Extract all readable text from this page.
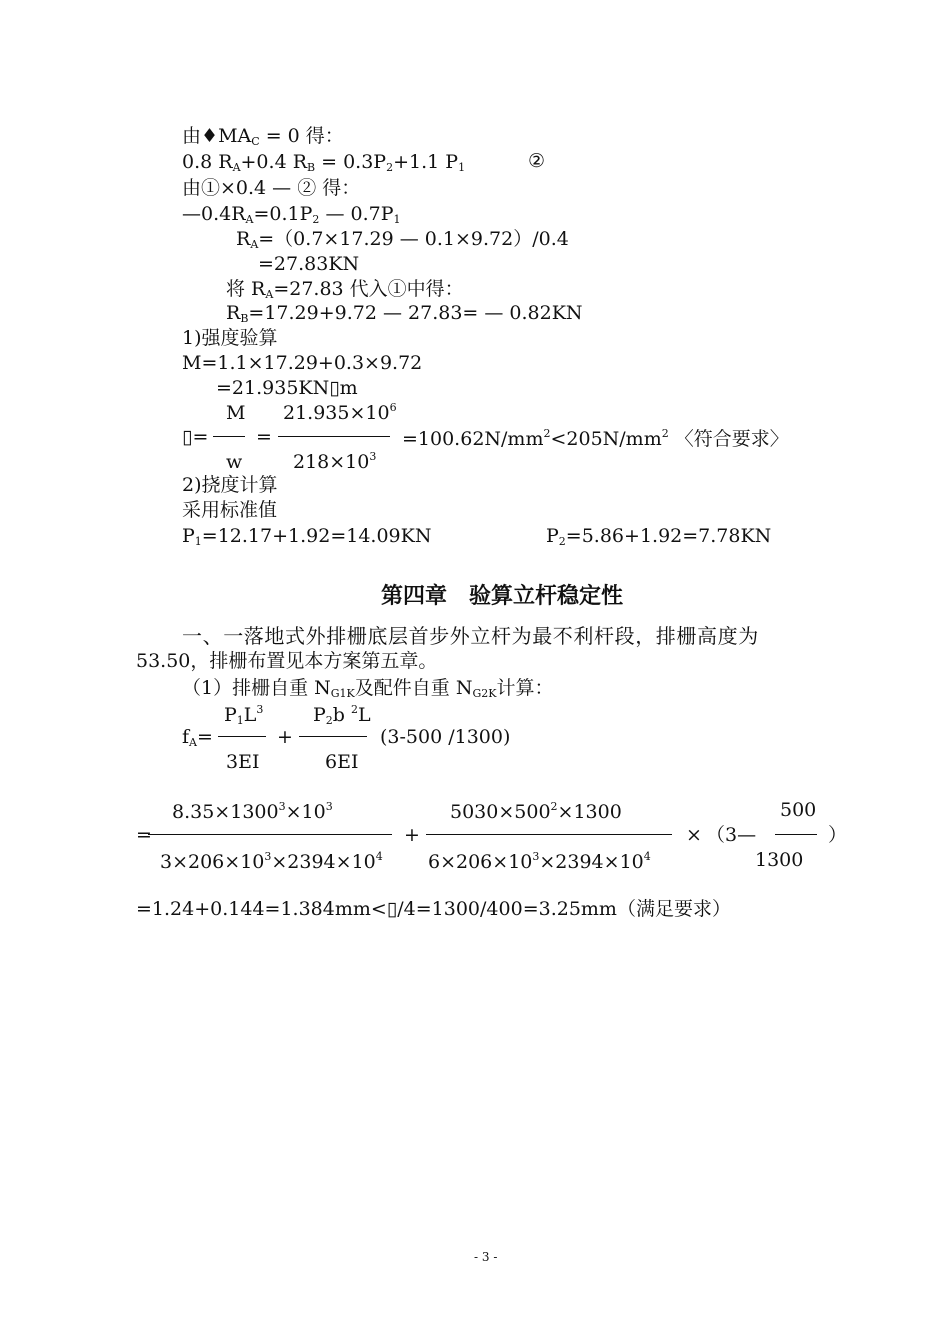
由$♦MA_C = 0$ 得：
0.8 $R_A+0.4$ $R_B = 0.3P_2+1.1$ $P_1$	②
由①×0.4 — ② 得：
$—0.4R_A=0.1P_2$ — $0.7P_1$
$R_A=(0.7\times 17.29$ — 0.1×9.72）/0.4
=27.83KN
将 $R_A=27.83$ 代入①中得：
$R_B=17.29+9.72$ — 27.83= — 0.82KN
1)强度验算
M=1.1×17.29+0.3×9.72
=21.935KN▯m
M $21.935\times 10^6$
▯=	=	$=100.62N/mm^2<205N/mm^2$ 〈符合要求〉
w	$218\times 10^3$
2)挠度计算
采用标准值
$P_1=12.17+1.92=14.09KN$	$P_2=5.86+1.92=7.78KN$
第四章　验算立杆稳定性
一、一落地式外排栅底层首步外立杆为最不利杆段，排栅高度为
53.50，排栅布置见本方案第五章。
（1）排栅自重 $N_{G1K}$及配件自重 $N_{G2K}$计算：
$P_1L^3$	$P_2b$ $^2$L
$f_A=$	+	(3-500 /1300)
3EI	6EI
$8.35\times 1300^3\times 10^3$	$5030\times 500^2\times 1300$	500
=	+	× （3—	）
$3\times 206\times 10^3\times 2394\times 10^4$ $6\times 206\times 10^3\times 2394\times 10^4$	1300
=1.24+0.144=1.384mm<▯/4=1300/400=3.25mm（满足要求）
- 3 -
